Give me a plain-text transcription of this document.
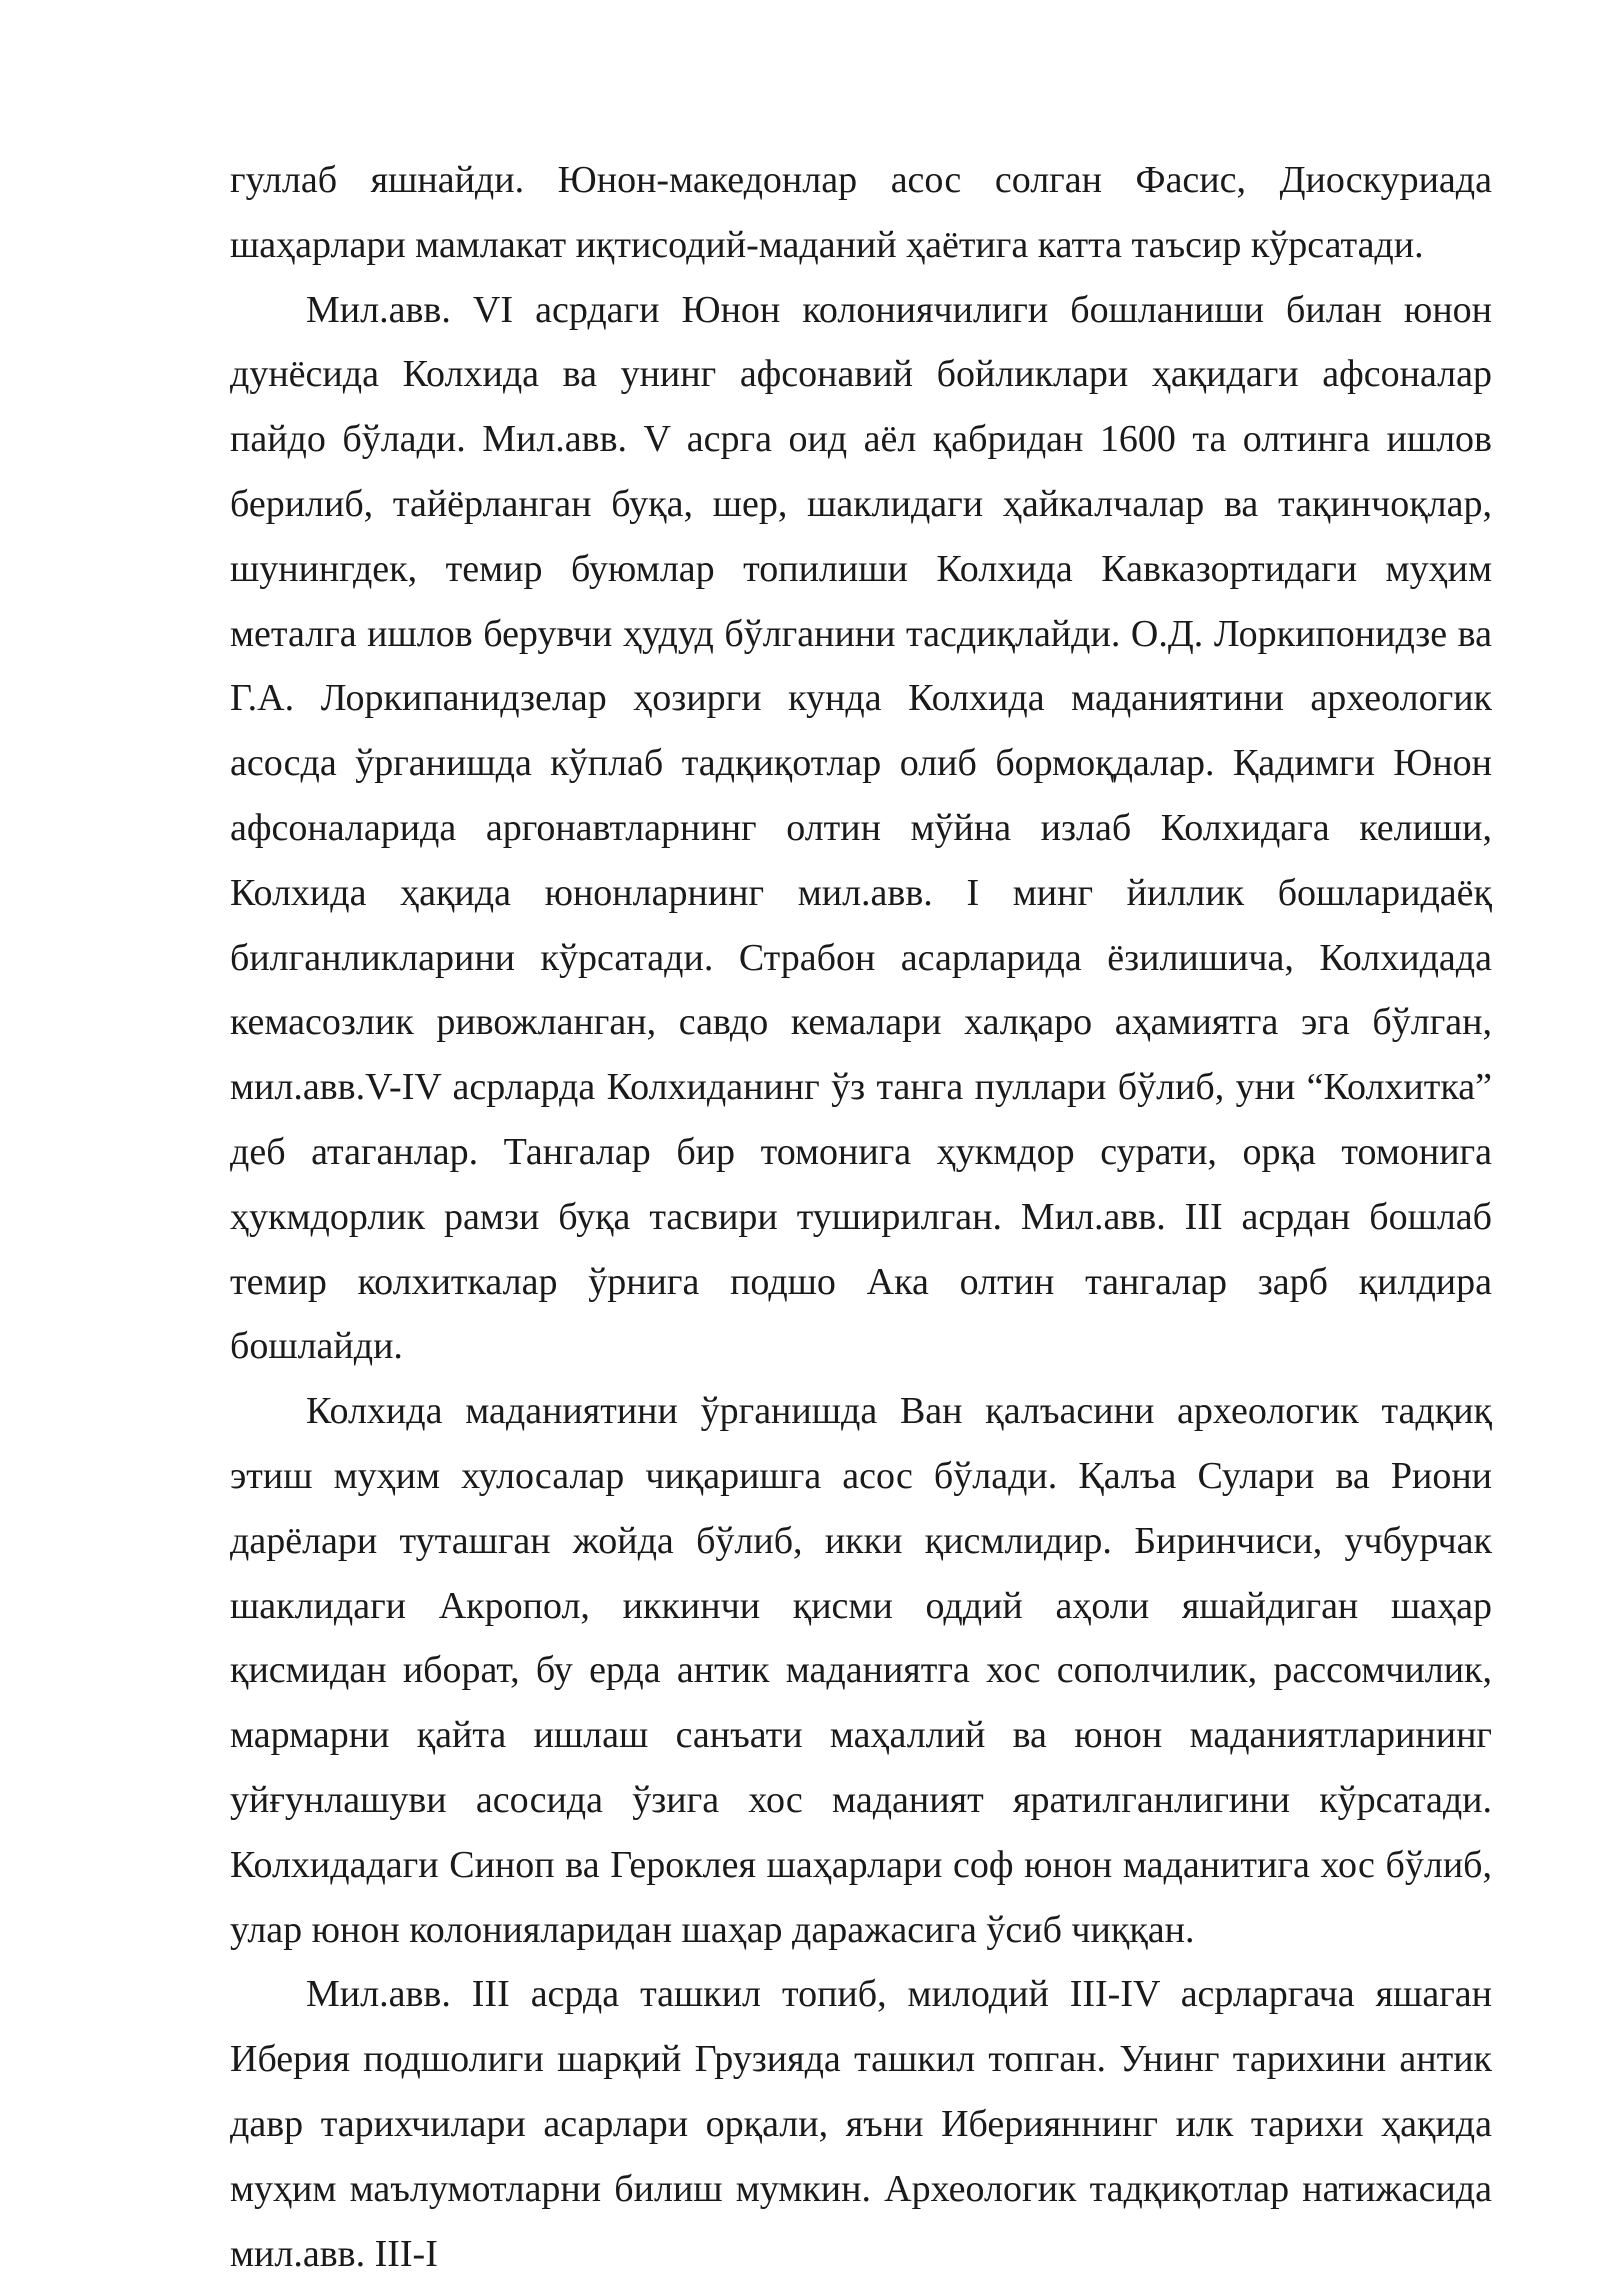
гуллаб яшнайди. Юнон-македонлар асос солган Фасис, Диоскуриада шаҳарлари мамлакат иқтисодий-маданий ҳаётига катта таъсир кўрсатади.

Мил.авв. VI асрдаги Юнон колониячилиги бошланиши билан юнон дунёсида Колхида ва унинг афсонавий бойликлари ҳақидаги афсоналар пайдо бўлади. Мил.авв. V асрга оид аёл қабридан 1600 та олтинга ишлов берилиб, тайёрланган буқа, шер, шаклидаги ҳайкалчалар ва тақинчоқлар, шунингдек, темир буюмлар топилиши Колхида Кавказортидаги муҳим металга ишлов берувчи ҳудуд бўлганини тасдиқлайди. О.Д. Лоркипонидзе ва Г.А. Лоркипанидзелар ҳозирги кунда Колхида маданиятини археологик асосда ўрганишда кўплаб тадқиқотлар олиб бормоқдалар. Қадимги Юнон афсоналарида аргонавтларнинг олтин мўйна излаб Колхидага келиши, Колхида ҳақида юнонларнинг мил.авв. I минг йиллик бошларидаёқ билганликларини кўрсатади. Страбон асарларида ёзилишича, Колхидада кемасозлик ривожланган, савдо кемалари халқаро аҳамиятга эга бўлган, мил.авв.V-IV асрларда Колхиданинг ўз танга пуллари бўлиб, уни “Колхитка” деб атаганлар. Тангалар бир томонига ҳукмдор сурати, орқа томонига ҳукмдорлик рамзи буқа тасвири туширилган. Мил.авв. III асрдан бошлаб темир колхиткалар ўрнига подшо Ака олтин тангалар зарб қилдира бошлайди.

Колхида маданиятини ўрганишда Ван қалъасини археологик тадқиқ этиш муҳим хулосалар чиқаришга асос бўлади. Қалъа Сулари ва Риони дарёлари туташган жойда бўлиб, икки қисмлидир. Биринчиси, учбурчак шаклидаги Акропол, иккинчи қисми оддий аҳоли яшайдиган шаҳар қисмидан иборат, бу ерда антик маданиятга хос сополчилик, рассомчилик, мармарни қайта ишлаш санъати маҳаллий ва юнон маданиятларининг уйғунлашуви асосида ўзига хос маданият яратилганлигини кўрсатади. Колхидадаги Синоп ва Героклея шаҳарлари соф юнон маданитига хос бўлиб, улар юнон колонияларидан шаҳар даражасига ўсиб чиққан.

Мил.авв. III асрда ташкил топиб, милодий III-IV асрларгача яшаган Иберия подшолиги шарқий Грузияда ташкил топган. Унинг тарихини антик давр тарихчилари асарлари орқали, яъни Иберияннинг илк тарихи ҳақида муҳим маълумотларни билиш мумкин. Археологик тадқиқотлар натижасида мил.авв. III-I
